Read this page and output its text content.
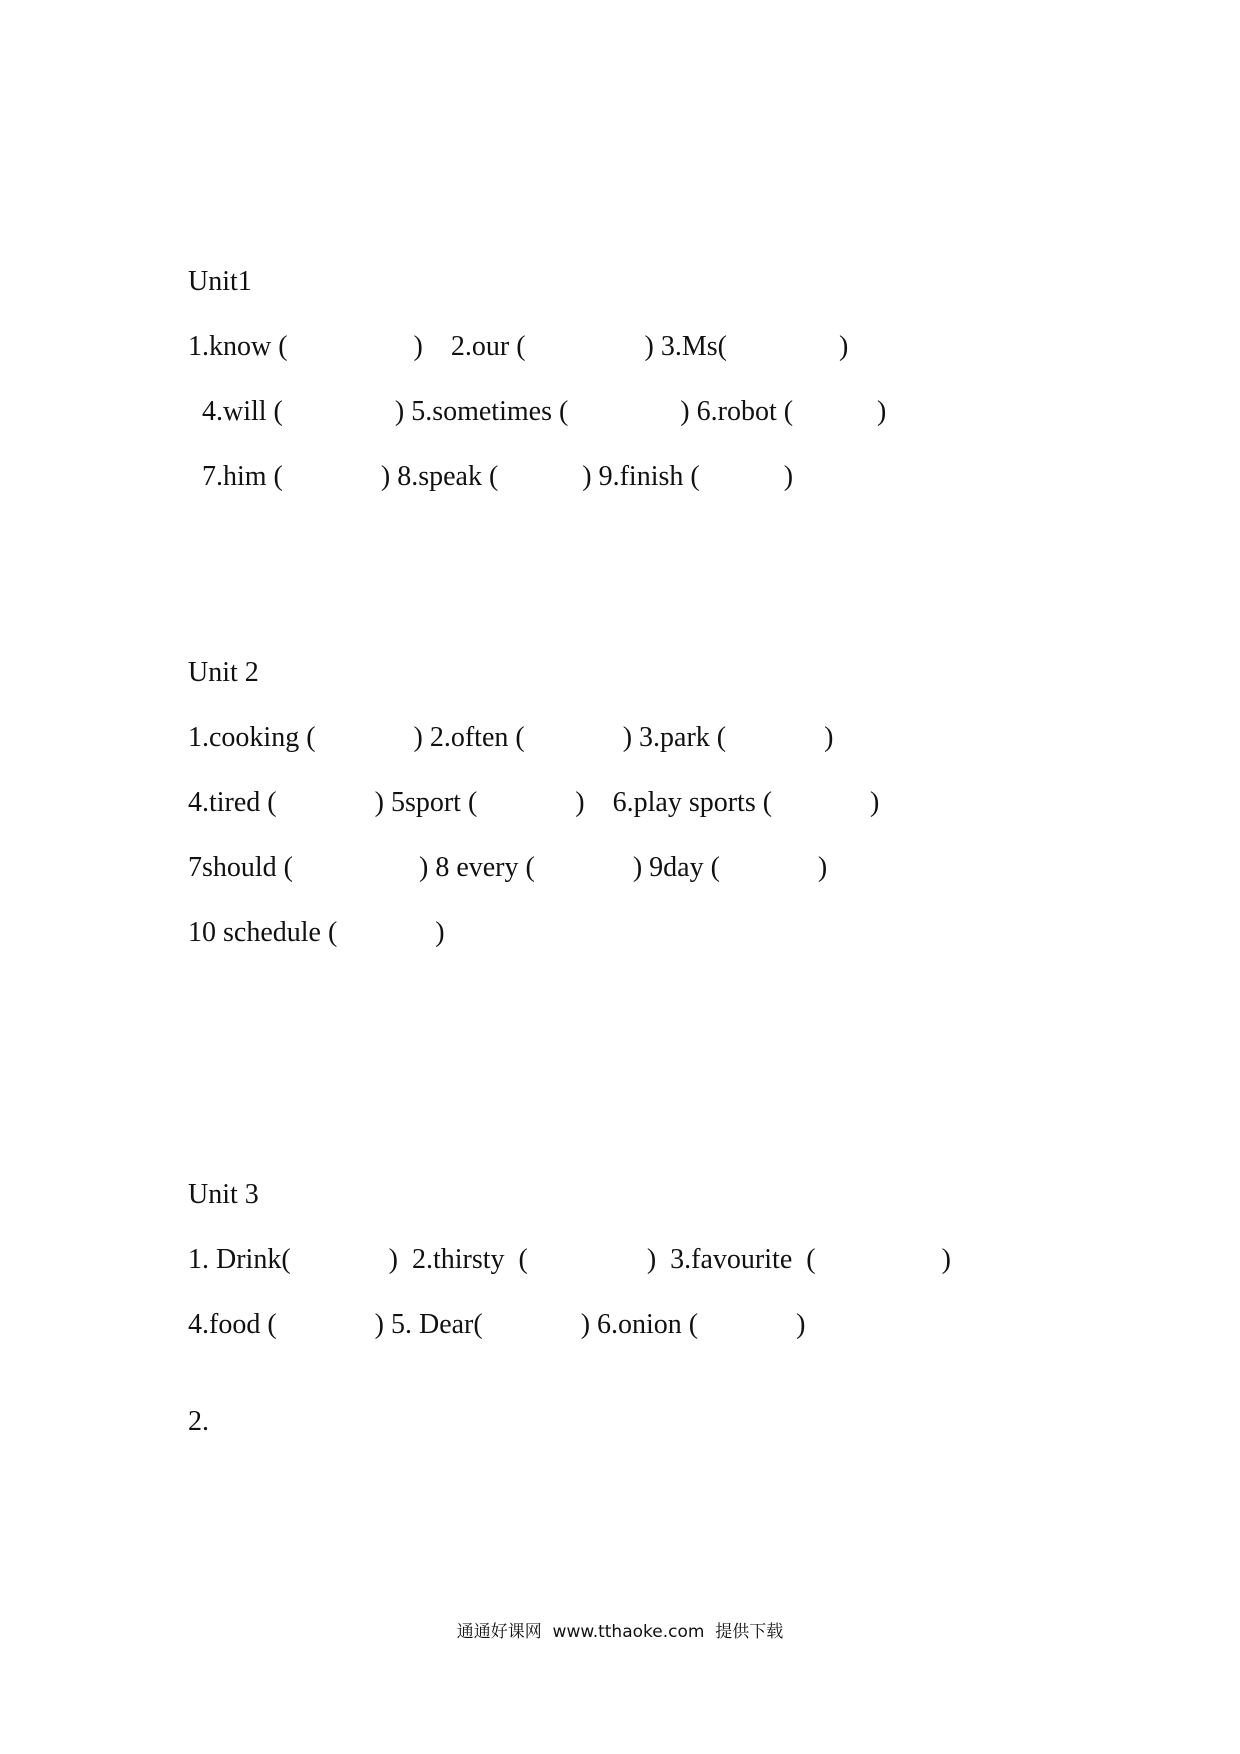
Unit1
1.know (                  )    2.our (                 ) 3.Ms(                )
4.will (                ) 5.sometimes (                ) 6.robot (            )
7.him (              ) 8.speak (            ) 9.finish (            )
Unit 2
1.cooking (              ) 2.often (              ) 3.park (              )
4.tired (              ) 5sport (              )    6.play sports (              )
7should (                  ) 8 every (              ) 9day (              )
10 schedule (              )
Unit 3
1. Drink(              )  2.thirsty  (                 )  3.favourite  (                  )
4.food (              ) 5. Dear(              ) 6.onion (              )
2.
通通好课网  www.tthaoke.com  提供下载
